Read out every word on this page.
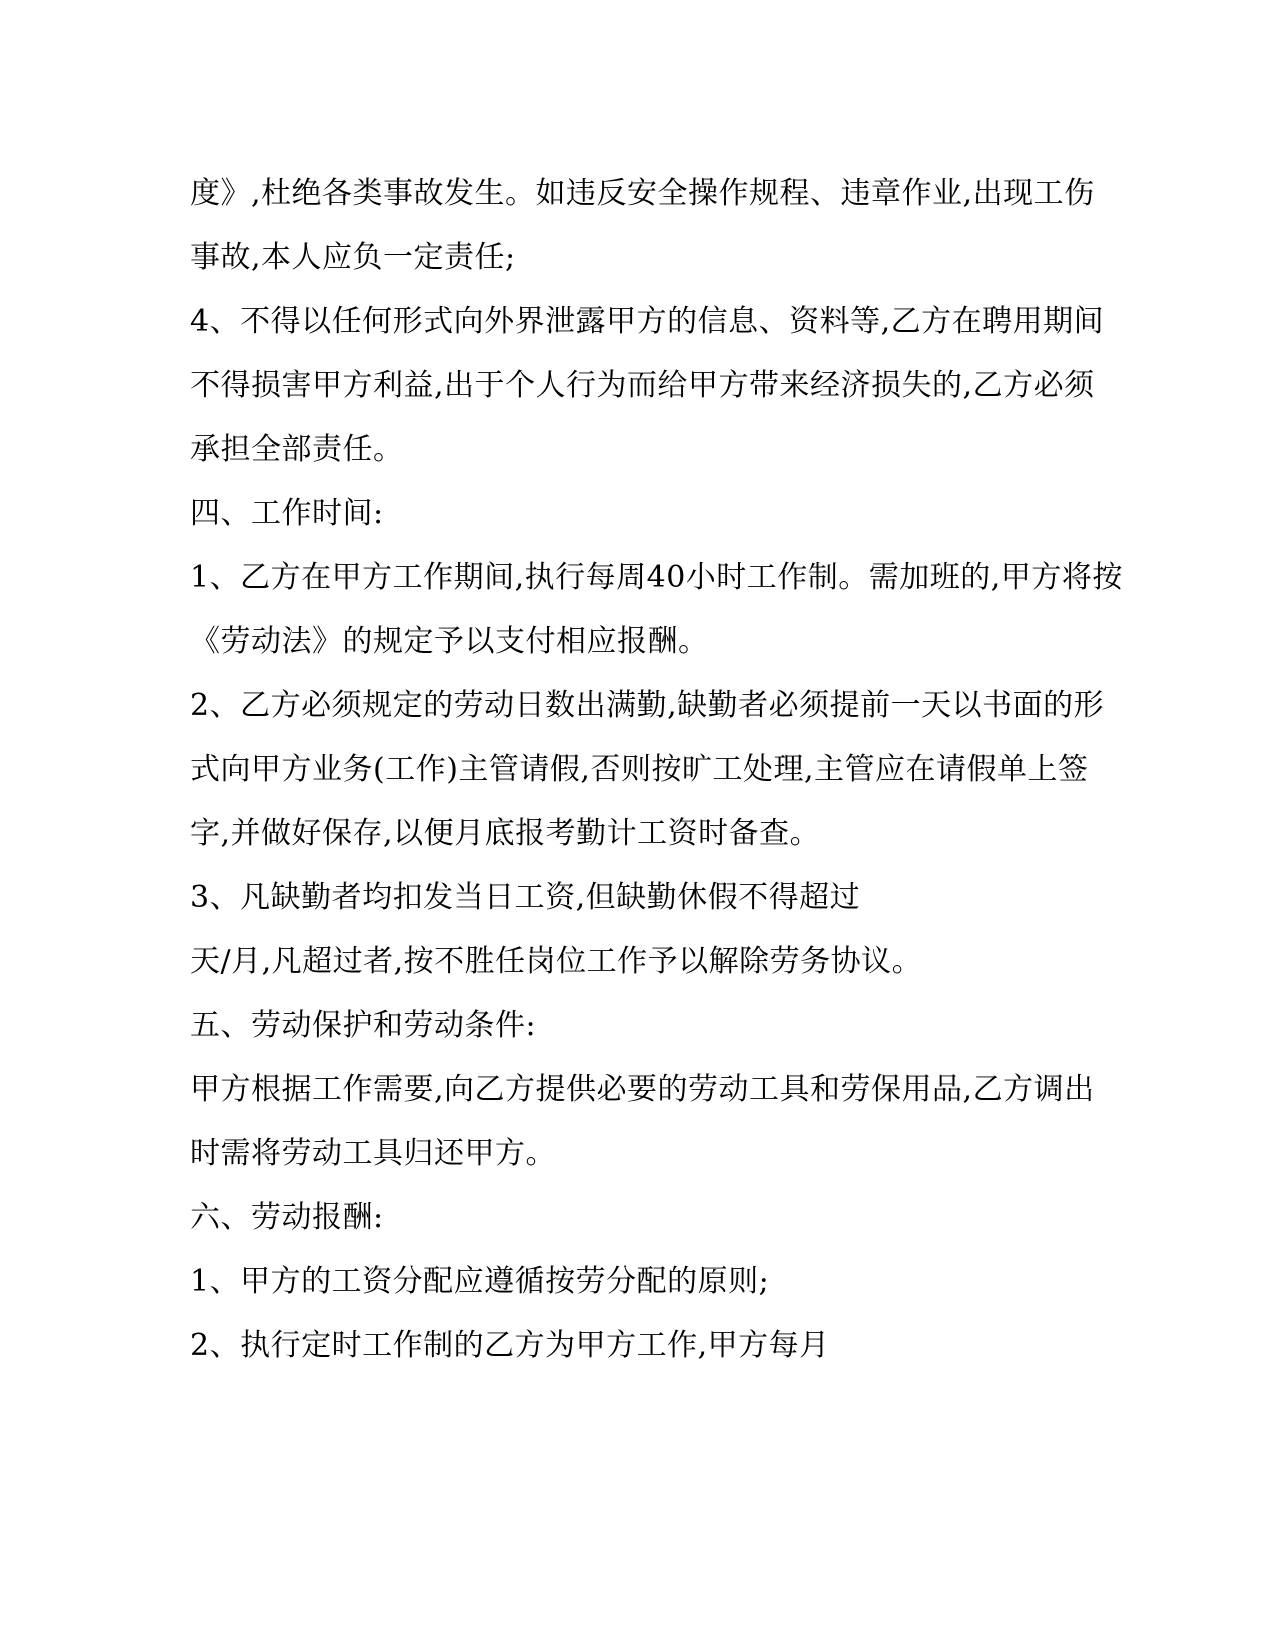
度》,杜绝各类事故发生。如违反安全操作规程、违章作业,出现工伤
事故,本人应负一定责任;
4、不得以任何形式向外界泄露甲方的信息、资料等,乙方在聘用期间
不得损害甲方利益,出于个人行为而给甲方带来经济损失的,乙方必须
承担全部责任。
四、工作时间:
1、乙方在甲方工作期间,执行每周40小时工作制。需加班的,甲方将按
《劳动法》的规定予以支付相应报酬。
2、乙方必须规定的劳动日数出满勤,缺勤者必须提前一天以书面的形
式向甲方业务(工作)主管请假,否则按旷工处理,主管应在请假单上签
字,并做好保存,以便月底报考勤计工资时备查。
3、凡缺勤者均扣发当日工资,但缺勤休假不得超过
天/月,凡超过者,按不胜任岗位工作予以解除劳务协议。
五、劳动保护和劳动条件:
甲方根据工作需要,向乙方提供必要的劳动工具和劳保用品,乙方调出
时需将劳动工具归还甲方。
六、劳动报酬:
1、甲方的工资分配应遵循按劳分配的原则;
2、执行定时工作制的乙方为甲方工作,甲方每月
